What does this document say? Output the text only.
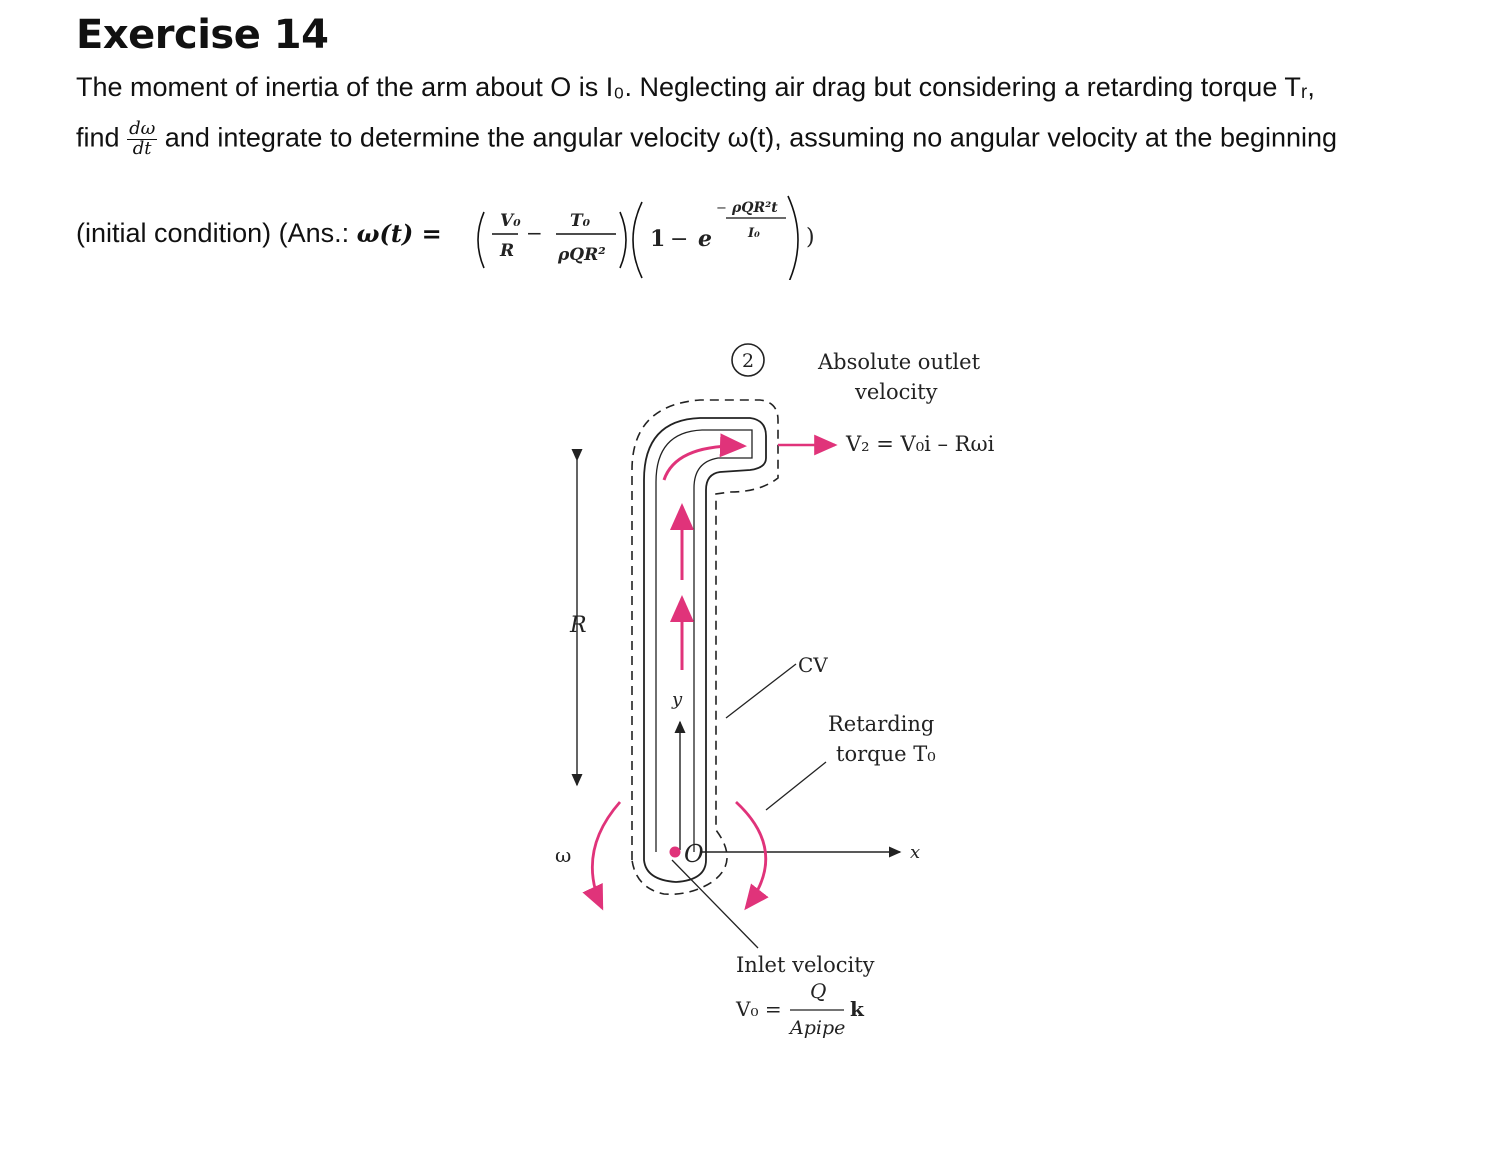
Exercise 14
The moment of inertia of the arm about O is I₀. Neglecting air drag but considering a retarding torque Tᵣ,
find $\frac{d\omega}{dt}$ and integrate to determine the angular velocity ω(t), assuming no angular velocity at the beginning
(initial condition) (Ans.: ω(t) =	V₀
R
− T₀
ρQR²
1 − e
− ρQR²t
I₀ )
y
x
O
R
ω
2	Absolute outlet
velocity
V₂ = V₀i – Rωi
CV
Retarding
torque T₀
Inlet velocity
V₀ =
Q
Apipe
k
